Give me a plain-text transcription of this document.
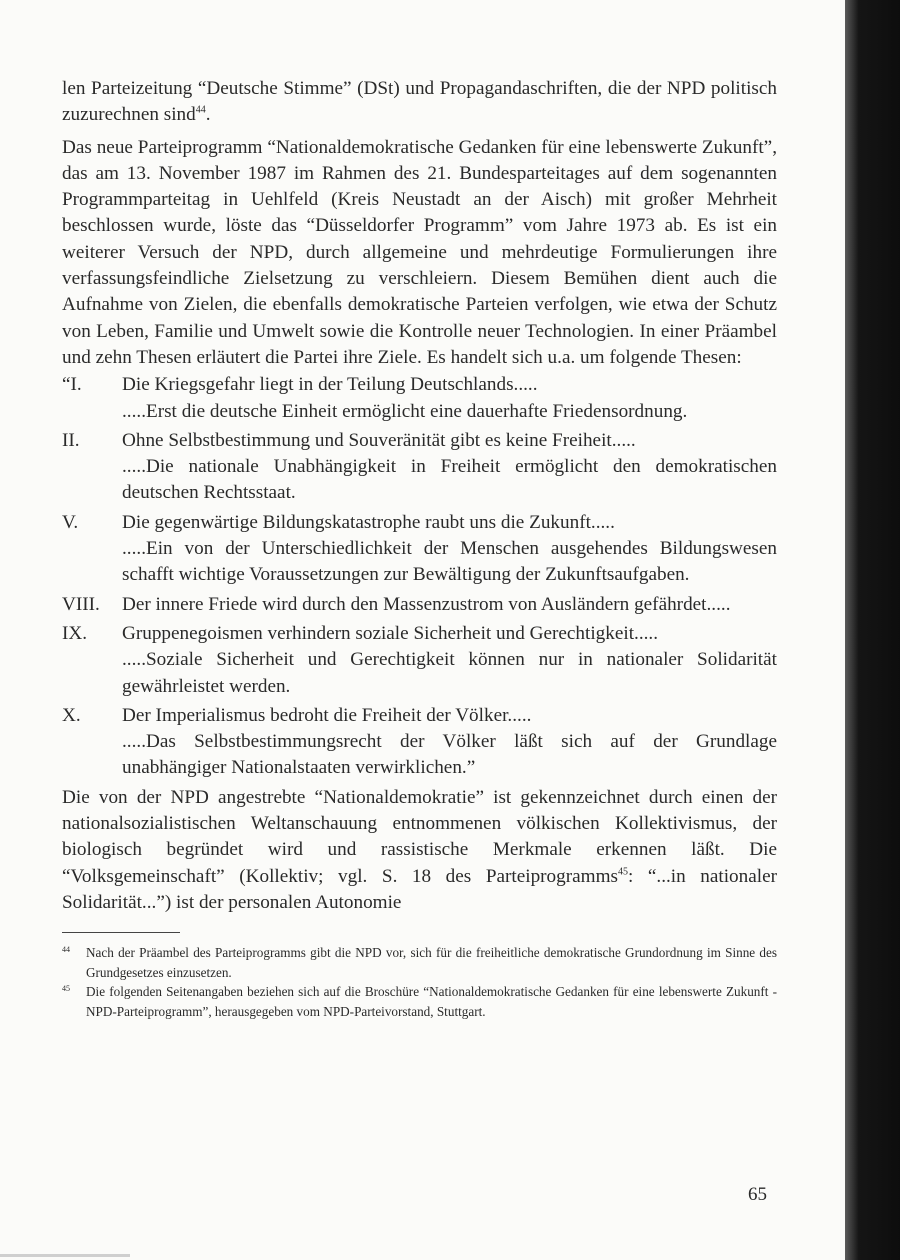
len Parteizeitung “Deutsche Stimme” (DSt) und Propagandaschriften, die der NPD politisch zuzurechnen sind$^{44}$.

Das neue Parteiprogramm “Nationaldemokratische Gedanken für eine lebenswerte Zukunft”, das am 13. November 1987 im Rahmen des 21. Bundesparteitages auf dem sogenannten Programmparteitag in Uehlfeld (Kreis Neustadt an der Aisch) mit großer Mehrheit beschlossen wurde, löste das “Düsseldorfer Programm” vom Jahre 1973 ab. Es ist ein weiterer Versuch der NPD, durch allgemeine und mehrdeutige Formulierungen ihre verfassungsfeindliche Zielsetzung zu verschleiern. Diesem Bemühen dient auch die Aufnahme von Zielen, die ebenfalls demokratische Parteien verfolgen, wie etwa der Schutz von Leben, Familie und Umwelt sowie die Kontrolle neuer Technologien. In einer Präambel und zehn Thesen erläutert die Partei ihre Ziele. Es handelt sich u.a. um folgende Thesen:

“I.	Die Kriegsgefahr liegt in der Teilung Deutschlands.....
.....Erst die deutsche Einheit ermöglicht eine dauerhafte Friedensordnung.
II.	Ohne Selbstbestimmung und Souveränität gibt es keine Freiheit.....
.....Die nationale Unabhängigkeit in Freiheit ermöglicht den demokratischen deutschen Rechtsstaat.
V.	Die gegenwärtige Bildungskatastrophe raubt uns die Zukunft.....
.....Ein von der Unterschiedlichkeit der Menschen ausgehendes Bildungswesen schafft wichtige Voraussetzungen zur Bewältigung der Zukunftsaufgaben.
VIII.	Der innere Friede wird durch den Massenzustrom von Ausländern gefährdet.....
IX.	Gruppenegoismen verhindern soziale Sicherheit und Gerechtigkeit.....
.....Soziale Sicherheit und Gerechtigkeit können nur in nationaler Solidarität gewährleistet werden.
X.	Der Imperialismus bedroht die Freiheit der Völker.....
.....Das Selbstbestimmungsrecht der Völker läßt sich auf der Grundlage unabhängiger Nationalstaaten verwirklichen.”

Die von der NPD angestrebte “Nationaldemokratie” ist gekennzeichnet durch einen der nationalsozialistischen Weltanschauung entnommenen völkischen Kollektivismus, der biologisch begründet wird und rassistische Merkmale erkennen läßt. Die “Volksgemeinschaft” (Kollektiv; vgl. S. 18 des Parteiprogramms$^{45}$: “...in nationaler Solidarität...”) ist der personalen Autonomie

44	Nach der Präambel des Parteiprogramms gibt die NPD vor, sich für die freiheitliche demokratische Grundordnung im Sinne des Grundgesetzes einzusetzen.
45	Die folgenden Seitenangaben beziehen sich auf die Broschüre “Nationaldemokratische Gedanken für eine lebenswerte Zukunft - NPD-Parteiprogramm”, herausgegeben vom NPD-Parteivorstand, Stuttgart.
65
